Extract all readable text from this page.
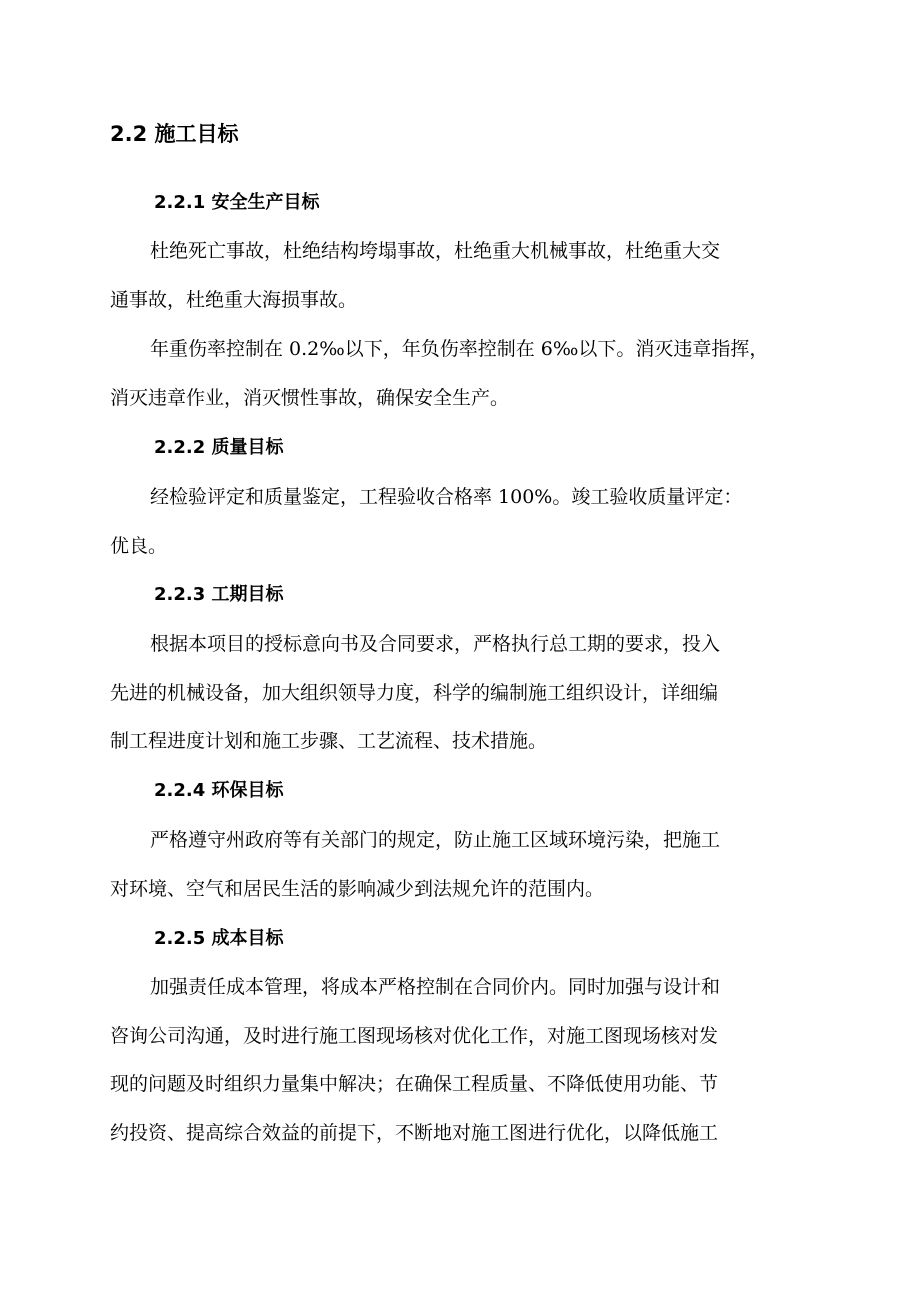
2.2 施工目标
2.2.1 安全生产目标
杜绝死亡事故，杜绝结构垮塌事故，杜绝重大机械事故，杜绝重大交
通事故，杜绝重大海损事故。
年重伤率控制在 0.2‰以下，年负伤率控制在 6‰以下。消灭违章指挥，
消灭违章作业，消灭惯性事故，确保安全生产。
2.2.2 质量目标
经检验评定和质量鉴定，工程验收合格率 100%。竣工验收质量评定：
优良。
2.2.3 工期目标
根据本项目的授标意向书及合同要求，严格执行总工期的要求，投入
先进的机械设备，加大组织领导力度，科学的编制施工组织设计，详细编
制工程进度计划和施工步骤、工艺流程、技术措施。
2.2.4 环保目标
严格遵守州政府等有关部门的规定，防止施工区域环境污染，把施工
对环境、空气和居民生活的影响减少到法规允许的范围内。
2.2.5 成本目标
加强责任成本管理，将成本严格控制在合同价内。同时加强与设计和
咨询公司沟通，及时进行施工图现场核对优化工作，对施工图现场核对发
现的问题及时组织力量集中解决；在确保工程质量、不降低使用功能、节
约投资、提高综合效益的前提下，不断地对施工图进行优化，以降低施工
